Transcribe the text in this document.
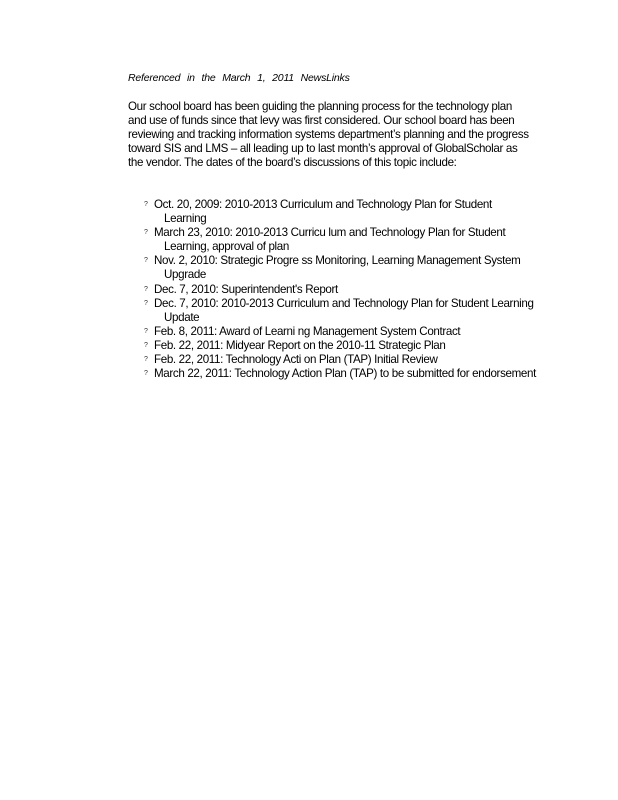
Referenced in the March 1, 2011 NewsLinks

Our school board has been guiding the planning process for the technology plan and use of funds since that levy was first considered. Our school board has been reviewing and tracking information systems department’s planning and the progress toward SIS and LMS – all leading up to last month’s approval of GlobalScholar as the vendor. The dates of the board’s discussions of this topic include:

? Oct. 20, 2009: 2010-2013 Curriculum and Technology Plan for Student Learning
? March 23, 2010: 2010-2013 Curricu lum and Technology Plan for Student Learning, approval of plan
? Nov. 2, 2010: Strategic Progre ss Monitoring, Learning Management System Upgrade
? Dec. 7, 2010: Superintendent's Report
? Dec. 7, 2010: 2010-2013 Curriculum and Technology Plan for Student Learning Update
? Feb. 8, 2011: Award of Learni ng Management System Contract
? Feb. 22, 2011: Midyear Report on the 2010-11 Strategic Plan
? Feb. 22, 2011: Technology Acti on Plan (TAP) Initial Review
? March 22, 2011: Technology Action Plan (TAP) to be submitted for endorsement
